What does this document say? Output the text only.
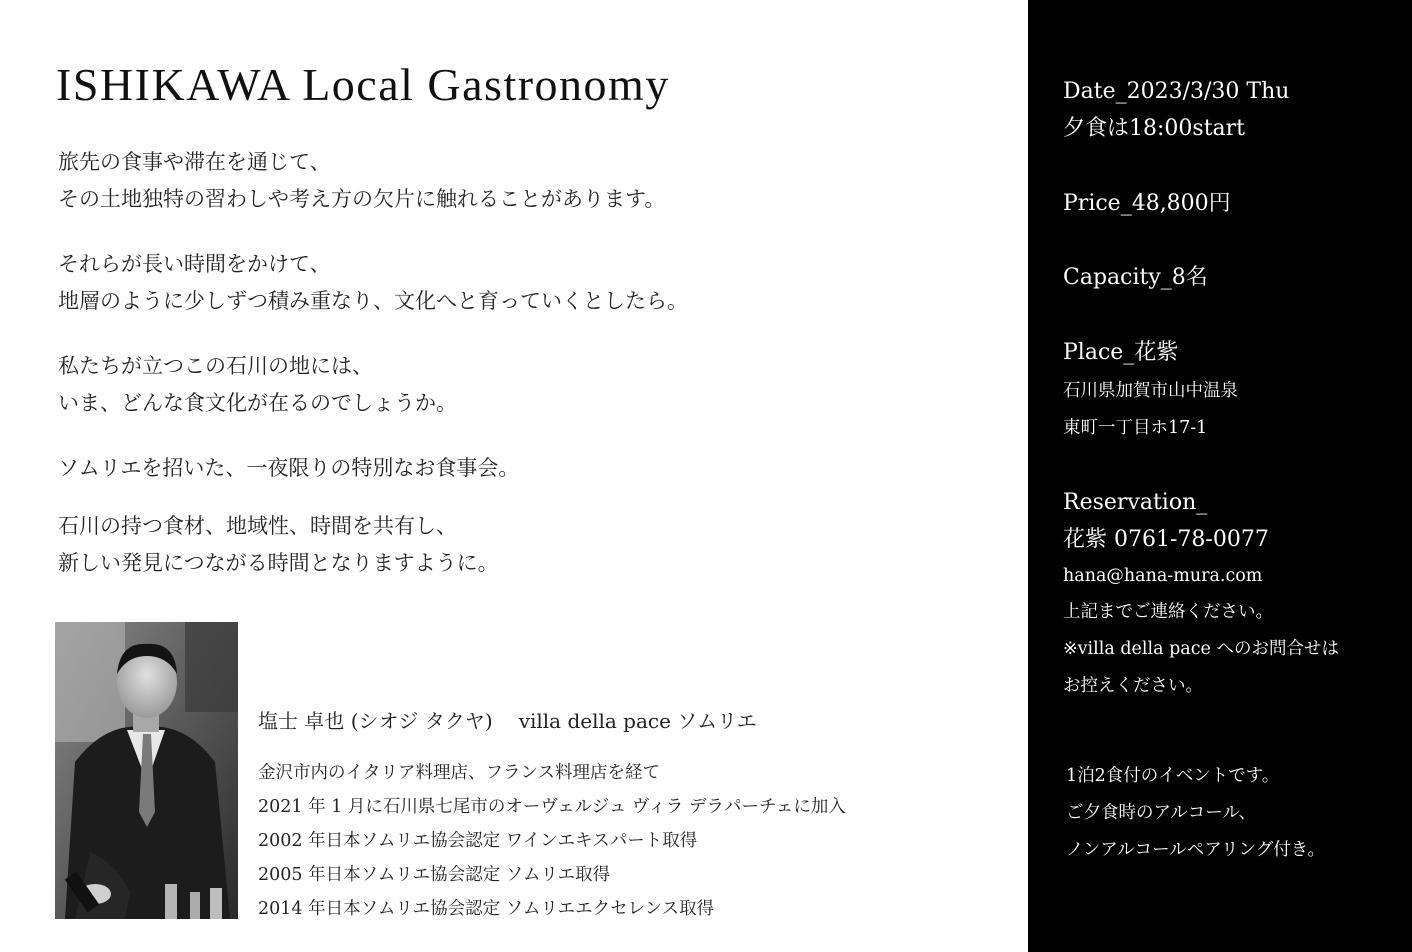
ISHIKAWA Local Gastronomy
旅先の食事や滞在を通じて、
その土地独特の習わしや考え方の欠片に触れることがあります。
それらが長い時間をかけて、
地層のように少しずつ積み重なり、文化へと育っていくとしたら。
私たちが立つこの石川の地には、
いま、どんな食文化が在るのでしょうか。
ソムリエを招いた、一夜限りの特別なお食事会。
石川の持つ食材、地域性、時間を共有し、
新しい発見につながる時間となりますように。
塩士 卓也 (シオジ タクヤ) villa della pace ソムリエ
金沢市内のイタリア料理店、フランス料理店を経て
2021 年 1 月に石川県七尾市のオーヴェルジュ ヴィラ デラパーチェに加入
2002 年日本ソムリエ協会認定 ワインエキスパート取得
2005 年日本ソムリエ協会認定 ソムリエ取得
2014 年日本ソムリエ協会認定 ソムリエエクセレンス取得
Date_2023/3/30 Thu
夕食は18:00start
Price_48,800円
Capacity_8名
Place_花紫
石川県加賀市山中温泉
東町一丁目ホ17-1
Reservation_
花紫 0761-78-0077
hana@hana-mura.com
上記までご連絡ください。
※villa della pace へのお問合せは
お控えください。
1泊2食付のイベントです。
ご夕食時のアルコール、
ノンアルコールペアリング付き。
